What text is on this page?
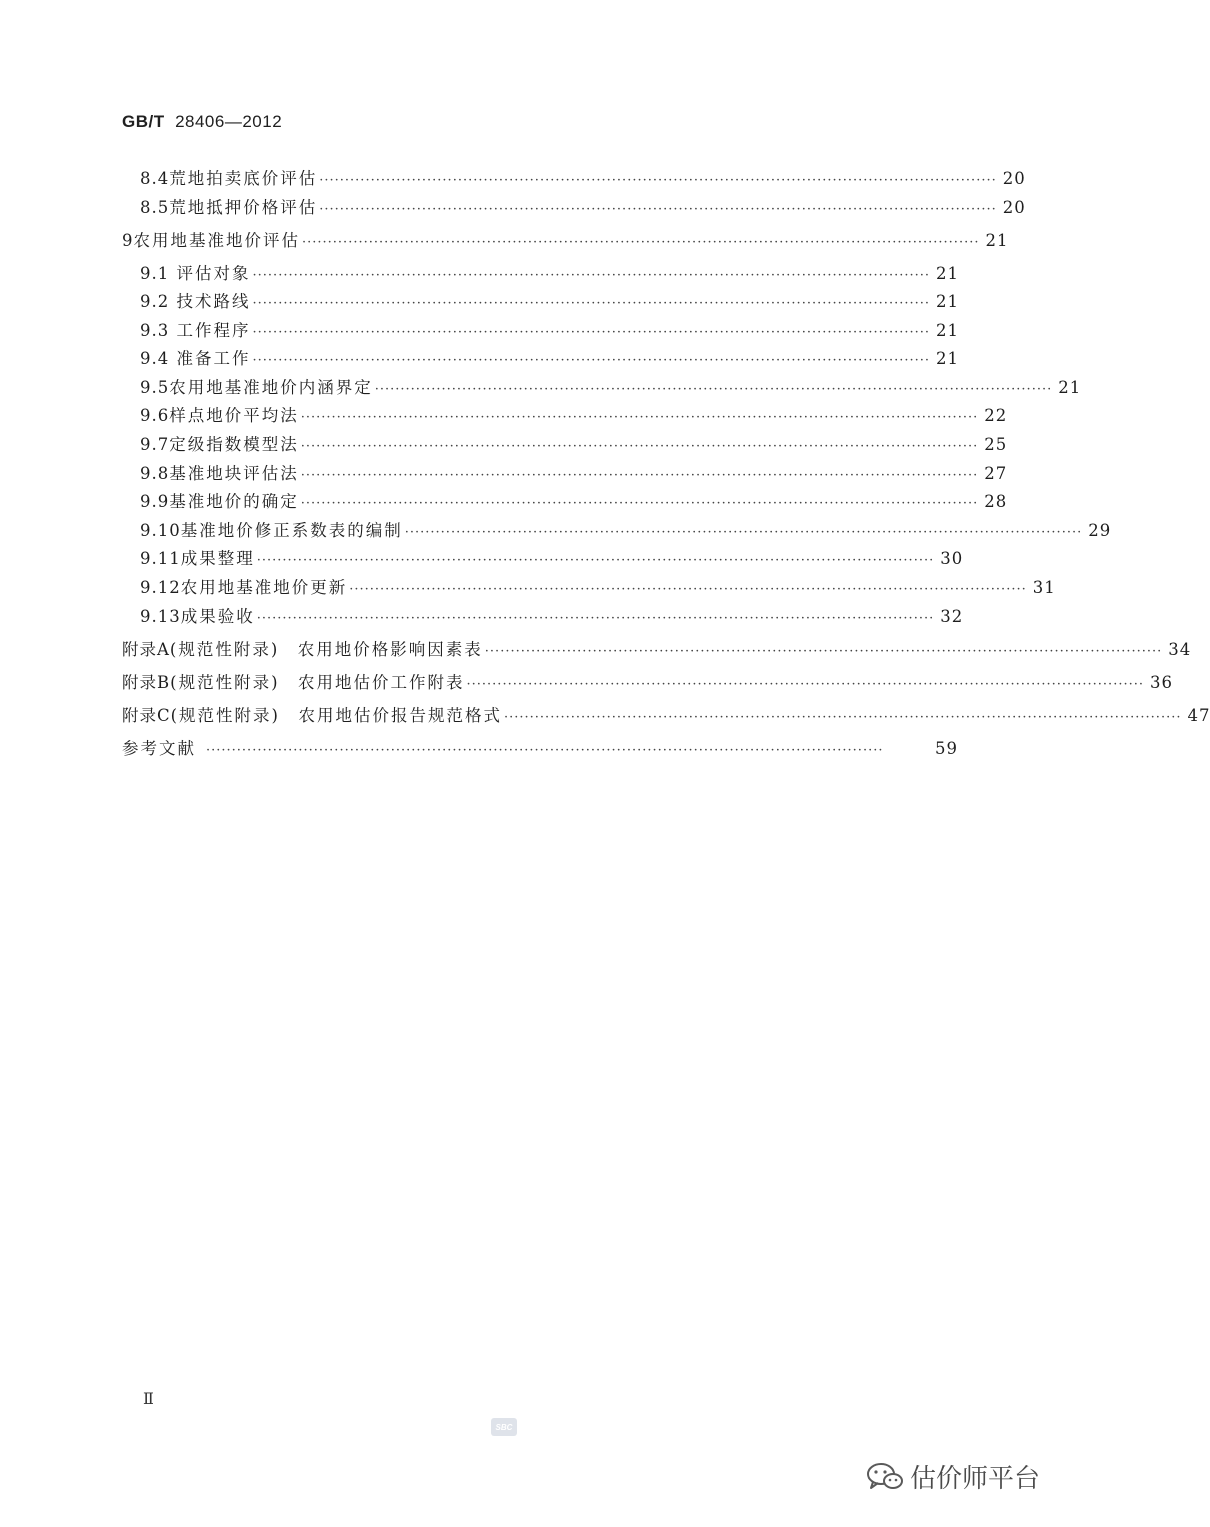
GB/T 28406—2012
8.4 荒地拍卖底价评估 ···································································································································· 20
8.5 荒地抵押价格评估 ···································································································································· 20
9 农用地基准地价评估 ···································································································································· 21
9.1 评估对象 ···································································································································· 21
9.2 技术路线 ···································································································································· 21
9.3 工作程序 ···································································································································· 21
9.4 准备工作 ···································································································································· 21
9.5 农用地基准地价内涵界定 ···································································································································· 21
9.6 样点地价平均法 ···································································································································· 22
9.7 定级指数模型法 ···································································································································· 25
9.8 基准地块评估法 ···································································································································· 27
9.9 基准地价的确定 ···································································································································· 28
9.10 基准地价修正系数表的编制 ···································································································································· 29
9.11 成果整理 ···································································································································· 30
9.12 农用地基准地价更新 ···································································································································· 31
9.13 成果验收 ···································································································································· 32
附录A (规范性附录)　农用地价格影响因素表 ···································································································································· 34
附录B (规范性附录)　农用地估价工作附表 ···································································································································· 36
附录C (规范性附录)　农用地估价报告规范格式 ···································································································································· 47
参考文献 ····································································································································	59
Ⅱ
SBC
估价师平台
